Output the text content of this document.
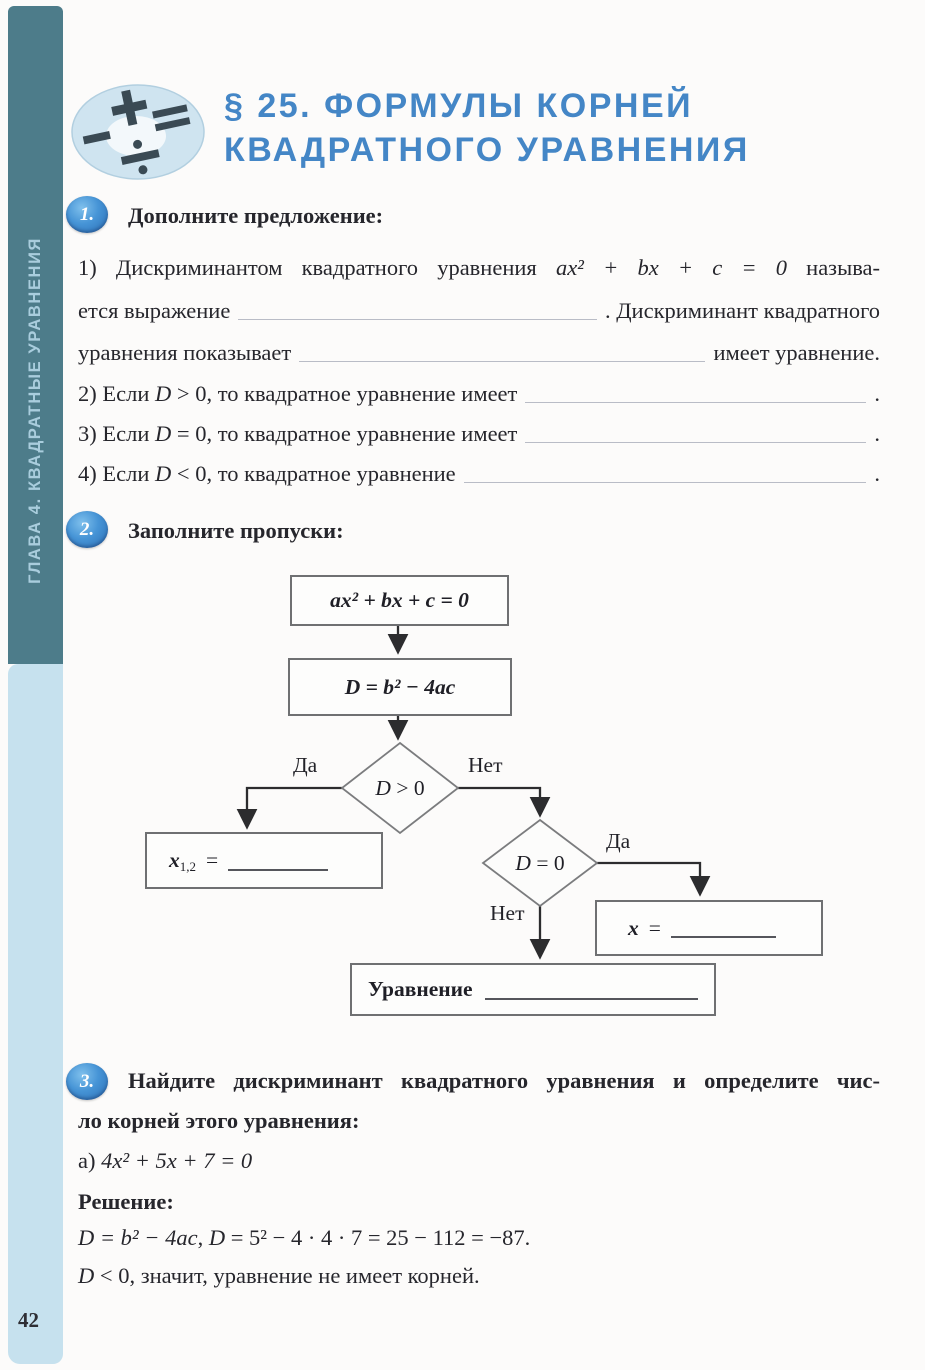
ГЛАВА 4. КВАДРАТНЫЕ УРАВНЕНИЯ
42
§ 25. ФОРМУЛЫ КОРНЕЙ
КВАДРАТНОГО УРАВНЕНИЯ
1.	Дополните предложение:
1) Дискриминантом квадратного уравнения ax² + bx + c = 0 называ-
ется выражение	. Дискриминант квадратного
уравнения показывает	имеет уравнение.
2) Если D > 0, то квадратное уравнение имеет	.
3) Если D = 0, то квадратное уравнение имеет	.
4) Если D < 0, то квадратное уравнение	.
2.	Заполните пропуски:
ax² + bx + c = 0
D = b² − 4ac
D > 0
D = 0
Да	Нет
Да
Нет
x 1,2 =
x =
Уравнение
3.	Найдите дискриминант квадратного уравнения и определите чис-
ло корней этого уравнения:
а) 4x² + 5x + 7 = 0
Решение:
D = b² − 4ac, D = 5² − 4 · 4 · 7 = 25 − 112 = −87.
D < 0, значит, уравнение не имеет корней.
